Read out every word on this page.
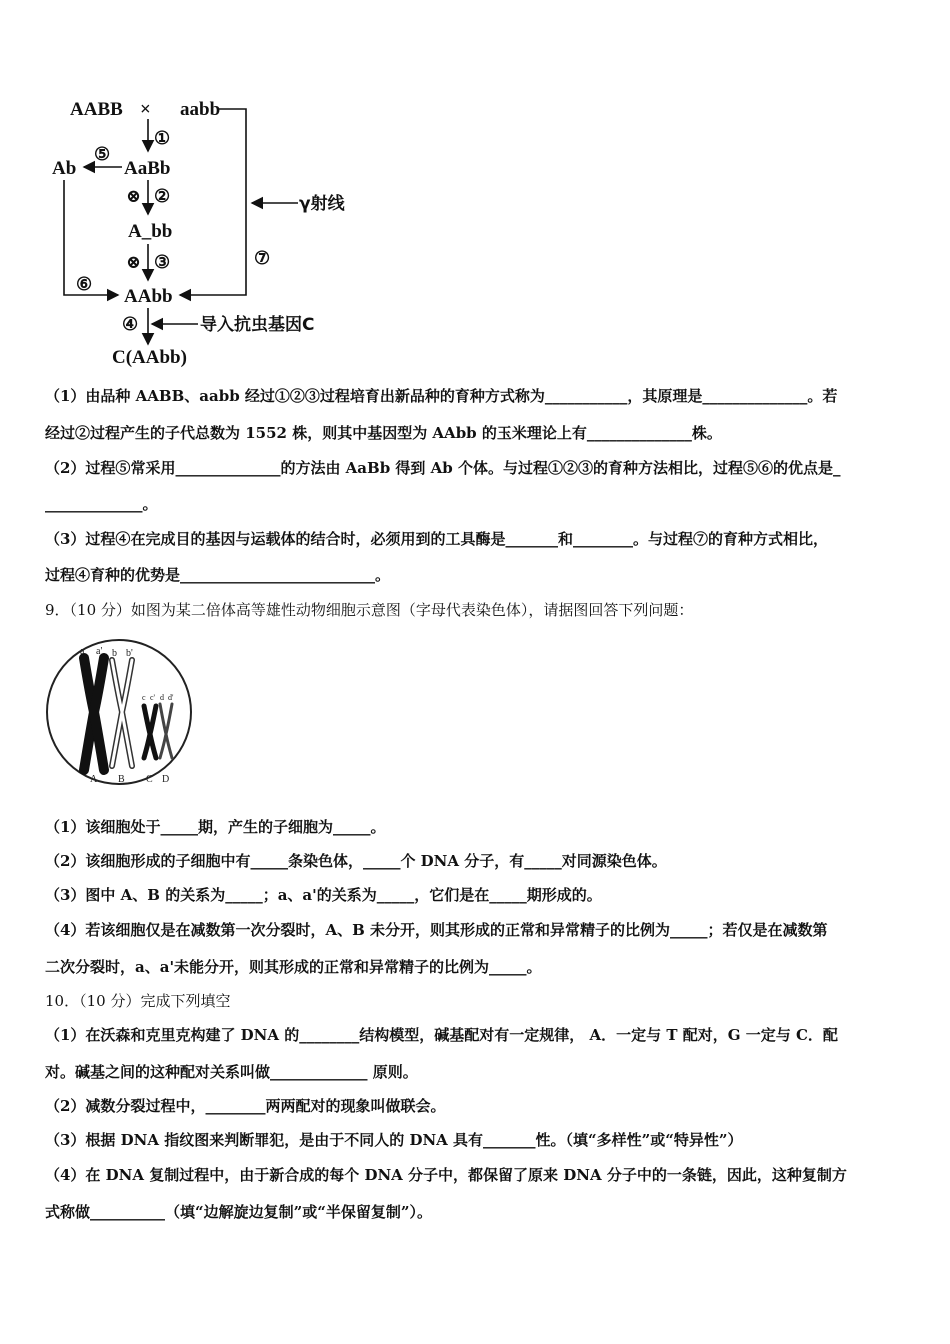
AABB × aabb
①
AaBb
⑤
Ab
⑥
⊗ ②
A_bb
γ射线
⑦
⊗ ③
AAbb
④	导入抗虫基因C
C(AAbb)
（1）由品种 AABB、aabb 经过①②③过程培育出新品种的育种方式称为___________，其原理是______________。若
经过②过程产生的子代总数为 1552 株，则其中基因型为 AAbb 的玉米理论上有______________株。
（2）过程⑤常采用______________的方法由 AaBb 得到 Ab 个体。与过程①②③的育种方法相比，过程⑤⑥的优点是_
_____________。
（3）过程④在完成目的基因与运载体的结合时，必须用到的工具酶是_______和________。与过程⑦的育种方式相比，
过程④育种的优势是__________________________。
9．（10 分）如图为某二倍体高等雄性动物细胞示意图（字母代表染色体），请据图回答下列问题：
a a' b b'
c c' d d'
A B C D
（1）该细胞处于_____期，产生的子细胞为_____。
（2）该细胞形成的子细胞中有_____条染色体，_____个 DNA 分子，有_____对同源染色体。
（3）图中 A、B 的关系为_____；a、a'的关系为_____，它们是在_____期形成的。
（4）若该细胞仅是在减数第一次分裂时，A、B 未分开，则其形成的正常和异常精子的比例为_____；若仅是在减数第
二次分裂时，a、a'未能分开，则其形成的正常和异常精子的比例为_____。
10．（10 分）完成下列填空
（1）在沃森和克里克构建了 DNA 的________结构模型，碱基配对有一定规律， A．一定与 T 配对，G 一定与 C．配
对。碱基之间的这种配对关系叫做_____________ 原则。
（2）减数分裂过程中，________两两配对的现象叫做联会。
（3）根据 DNA 指纹图来判断罪犯，是由于不同人的 DNA 具有_______性。（填“多样性”或“特异性”）
（4）在 DNA 复制过程中，由于新合成的每个 DNA 分子中，都保留了原来 DNA 分子中的一条链，因此，这种复制方
式称做__________（填“边解旋边复制”或“半保留复制”）。
